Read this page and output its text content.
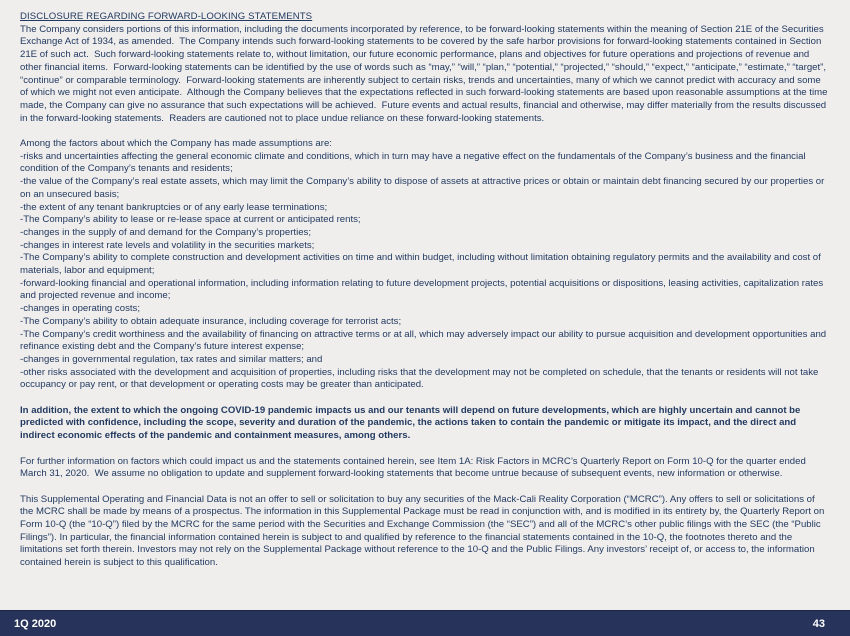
DISCLOSURE REGARDING FORWARD-LOOKING STATEMENTS

The Company considers portions of this information, including the documents incorporated by reference, to be forward-looking statements within the meaning of Section 21E of the Securities Exchange Act of 1934, as amended.  The Company intends such forward-looking statements to be covered by the safe harbor provisions for forward-looking statements contained in Section 21E of such act.  Such forward-looking statements relate to, without limitation, our future economic performance, plans and objectives for future operations and projections of revenue and other financial items.  Forward-looking statements can be identified by the use of words such as “may,” “will,” “plan,” “potential,” “projected,” “should,” “expect,” “anticipate,” “estimate,” “target”, “continue” or comparable terminology.  Forward-looking statements are inherently subject to certain risks, trends and uncertainties, many of which we cannot predict with accuracy and some of which we might not even anticipate.  Although the Company believes that the expectations reflected in such forward-looking statements are based upon reasonable assumptions at the time made, the Company can give no assurance that such expectations will be achieved.  Future events and actual results, financial and otherwise, may differ materially from the results discussed in the forward-looking statements.  Readers are cautioned not to place undue reliance on these forward-looking statements.

Among the factors about which the Company has made assumptions are:
-risks and uncertainties affecting the general economic climate and conditions, which in turn may have a negative effect on the fundamentals of the Company’s business and the financial condition of the Company’s tenants and residents;
-the value of the Company’s real estate assets, which may limit the Company’s ability to dispose of assets at attractive prices or obtain or maintain debt financing secured by our properties or on an unsecured basis;
-the extent of any tenant bankruptcies or of any early lease terminations;
-The Company’s ability to lease or re-lease space at current or anticipated rents;
-changes in the supply of and demand for the Company’s properties;
-changes in interest rate levels and volatility in the securities markets;
-The Company’s ability to complete construction and development activities on time and within budget, including without limitation obtaining regulatory permits and the availability and cost of materials, labor and equipment;
-forward-looking financial and operational information, including information relating to future development projects, potential acquisitions or dispositions, leasing activities, capitalization rates and projected revenue and income;
-changes in operating costs;
-The Company’s ability to obtain adequate insurance, including coverage for terrorist acts;
-The Company’s credit worthiness and the availability of financing on attractive terms or at all, which may adversely impact our ability to pursue acquisition and development opportunities and refinance existing debt and the Company’s future interest expense;
-changes in governmental regulation, tax rates and similar matters; and
-other risks associated with the development and acquisition of properties, including risks that the development may not be completed on schedule, that the tenants or residents will not take occupancy or pay rent, or that development or operating costs may be greater than anticipated.

In addition, the extent to which the ongoing COVID-19 pandemic impacts us and our tenants will depend on future developments, which are highly uncertain and cannot be predicted with confidence, including the scope, severity and duration of the pandemic, the actions taken to contain the pandemic or mitigate its impact, and the direct and indirect economic effects of the pandemic and containment measures, among others.

For further information on factors which could impact us and the statements contained herein, see Item 1A: Risk Factors in MCRC’s Quarterly Report on Form 10-Q for the quarter ended March 31, 2020.  We assume no obligation to update and supplement forward-looking statements that become untrue because of subsequent events, new information or otherwise.

This Supplemental Operating and Financial Data is not an offer to sell or solicitation to buy any securities of the Mack-Cali Reality Corporation (“MCRC”). Any offers to sell or solicitations of the MCRC shall be made by means of a prospectus. The information in this Supplemental Package must be read in conjunction with, and is modified in its entirety by, the Quarterly Report on Form 10-Q (the “10-Q”) filed by the MCRC for the same period with the Securities and Exchange Commission (the “SEC”) and all of the MCRC’s other public filings with the SEC (the “Public Filings”). In particular, the financial information contained herein is subject to and qualified by reference to the financial statements contained in the 10-Q, the footnotes thereto and the limitations set forth therein. Investors may not rely on the Supplemental Package without reference to the 10-Q and the Public Filings. Any investors’ receipt of, or access to, the information contained herein is subject to this qualification.

1Q 2020	43
